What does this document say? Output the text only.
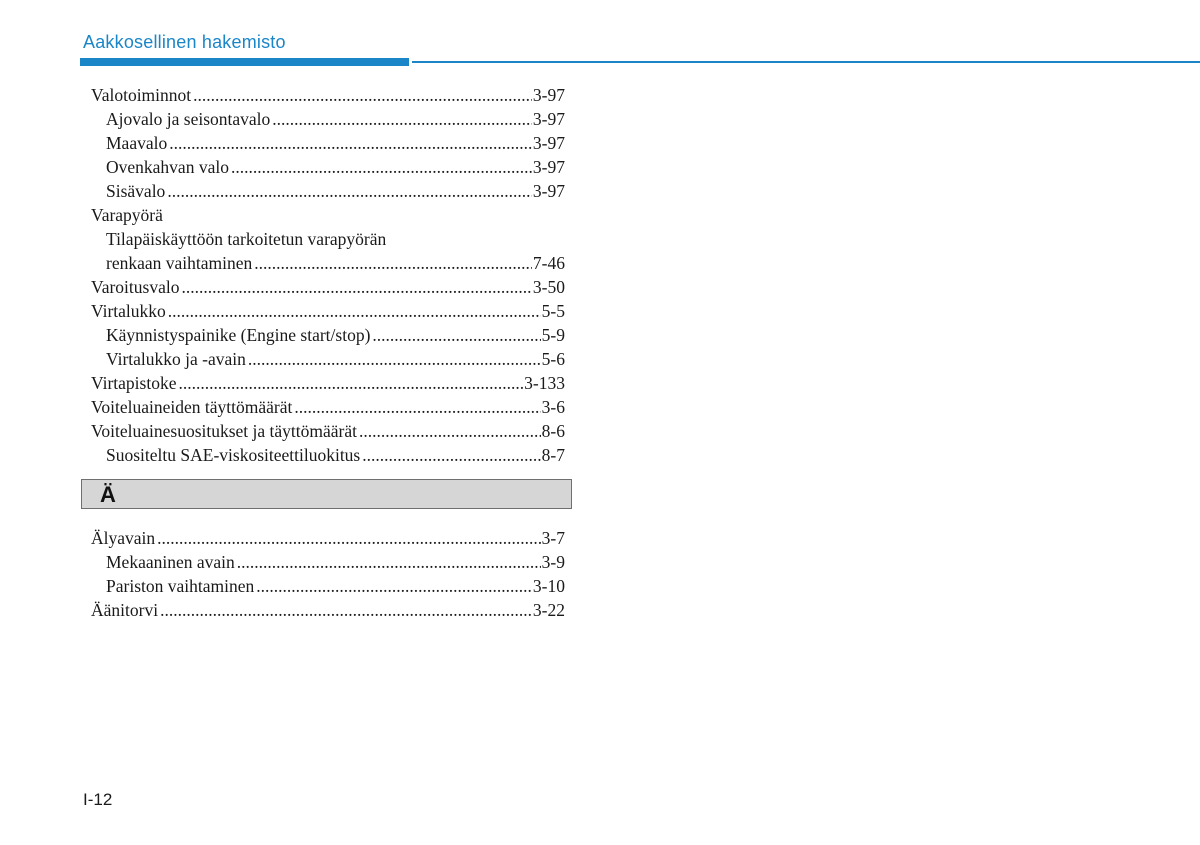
Aakkosellinen hakemisto
Valotoiminnot .....	3-97
Ajovalo ja seisontavalo .....	3-97
Maavalo .....	3-97
Ovenkahvan valo .....	3-97
Sisävalo .....	3-97
Varapyörä
Tilapäiskäyttöön tarkoitetun varapyörän
renkaan vaihtaminen .....	7-46
Varoitusvalo .....	3-50
Virtalukko .....	5-5
Käynnistyspainike (Engine start/stop) .....	5-9
Virtalukko ja -avain .....	5-6
Virtapistoke .....	3-133
Voiteluaineiden täyttömäärät .....	3-6
Voiteluainesuositukset ja täyttömäärät .....	8-6
Suositeltu SAE-viskositeettiluokitus .....	8-7
Ä
Älyavain .....	3-7
Mekaaninen avain .....	3-9
Pariston vaihtaminen .....	3-10
Äänitorvi .....	3-22
I-12
